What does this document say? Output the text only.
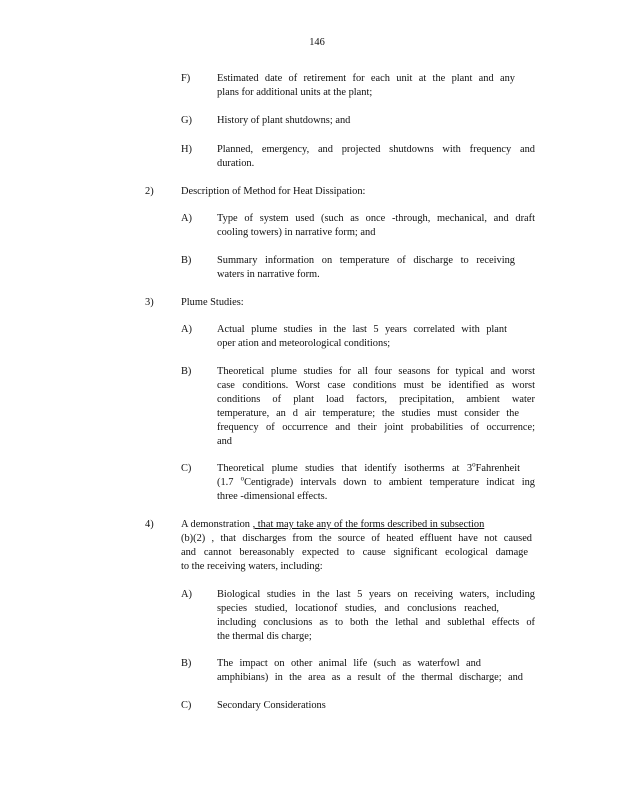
146
F)	Estimated date of retirement for each unit at the plant and any
plans for additional units at the plant;
G) History of plant shutdowns; and
H) Planned, emergency, and projected shutdowns with frequency and
duration.
2)	Description of Method for Heat Dissipation:
A) Type of system used (such as once -through, mechanical, and draft
cooling towers) in narrative form; and
B) Summary information on temperature of discharge to receiving
waters in narrative form.
3)	Plume Studies:
A) Actual plume studies in the last 5 years correlated with plant
oper ation and meteorological conditions;
B) Theoretical plume studies for all four seasons for typical and worst
case conditions. Worst case conditions must be identified as worst
conditions of plant load factors, precipitation, ambient water
temperature, an d air temperature; the studies must consider the
frequency of occurrence and their joint probabilities of occurrence;
and
C) Theoretical plume studies that identify isotherms at 3$^o$Fahrenheit
(1.7 $^o$Centigrade) intervals down to ambient temperature indicat ing
three -dimensional effects.
4)	A demonstration , that may take any of the forms described in subsection
(b)(2) , that discharges from the source of heated effluent have not caused
and cannot bereasonably expected to cause significant ecological damage
to the receiving waters, including:
A) Biological studies in the last 5 years on receiving waters, including
species studied, locationof studies, and conclusions reached,
including conclusions as to both the lethal and sublethal effects of
the thermal dis charge;
B) The impact on other animal life (such as waterfowl and
amphibians) in the area as a result of the thermal discharge; and
C) Secondary Considerations
